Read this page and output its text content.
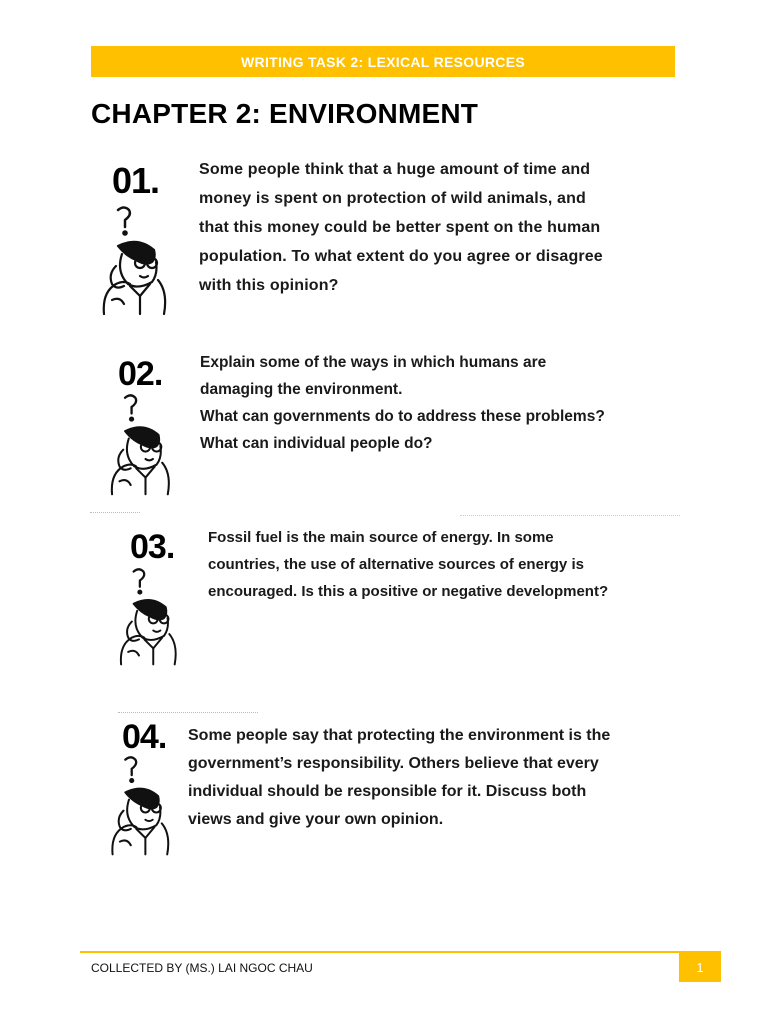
WRITING TASK 2: LEXICAL RESOURCES
CHAPTER 2: ENVIRONMENT
01. Some people think that a huge amount of time and

money is spent on protection of wild animals, and

that this money could be better spent on the human

population. To what extent do you agree or disagree

with this opinion?

02. Explain some of the ways in which humans are

damaging the environment.

What can governments do to address these problems?

What can individual people do?

03. Fossil fuel is the main source of energy. In some

countries, the use of alternative sources of energy is

encouraged. Is this a positive or negative development?

04. Some people say that protecting the environment is the

government’s responsibility. Others believe that every

individual should be responsible for it. Discuss both

views and give your own opinion.

COLLECTED BY (MS.) LAI NGOC CHAU	1
